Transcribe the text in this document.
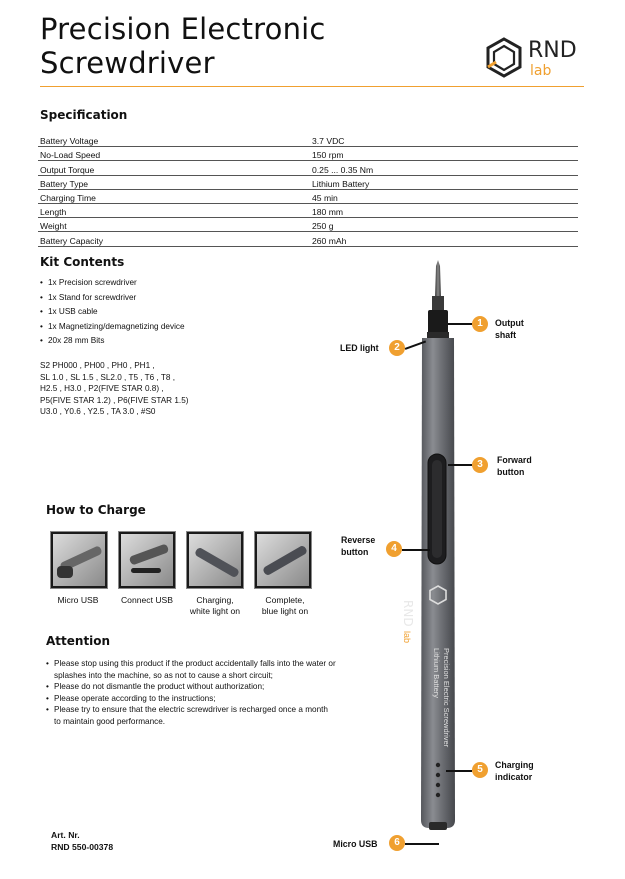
Precision Electronic
Screwdriver	RND
lab
Specification
Battery Voltage	3.7 VDC
No-Load Speed	150 rpm
Output Torque	0.25 ... 0.35 Nm
Battery Type	Lithium Battery
Charging Time	45 min
Length	180 mm
Weight	250 g
Battery Capacity	260 mAh
Kit Contents
• 1x Precision screwdriver
• 1x Stand for screwdriver
• 1x USB cable
• 1x Magnetizing/demagnetizing device
• 20x 28 mm Bits
S2 PH000 , PH00 , PH0 , PH1 ,
SL 1.0 , SL 1.5 , SL2.0 , T5 , T6 , T8 ,
H2.5 , H3.0 , P2(FIVE STAR 0.8) ,
P5(FIVE STAR 1.2) , P6(FIVE STAR 1.5)
U3.0 , Y0.6 , Y2.5 , TA 3.0 , #S0
How to Charge
Micro USB	Connect USB	Charging,
white light on
Complete,
blue light on
Attention
• Please stop using this product if the product accidentally falls into the water or splashes into the machine, so as not to cause a short circuit;
• Please do not dismantle the product without authorization;
• Please operate according to the instructions;
• Please try to ensure that the electric screwdriver is recharged once a month to maintain good performance.
Art. Nr.
RND 550-00378
RND lab
Precision Electric Screwdriver
Lithium Battery
1	Output
shaft
LED light	2
3	Forward
button
Reverse
button	4
5	Charging
indicator
Micro USB	6
